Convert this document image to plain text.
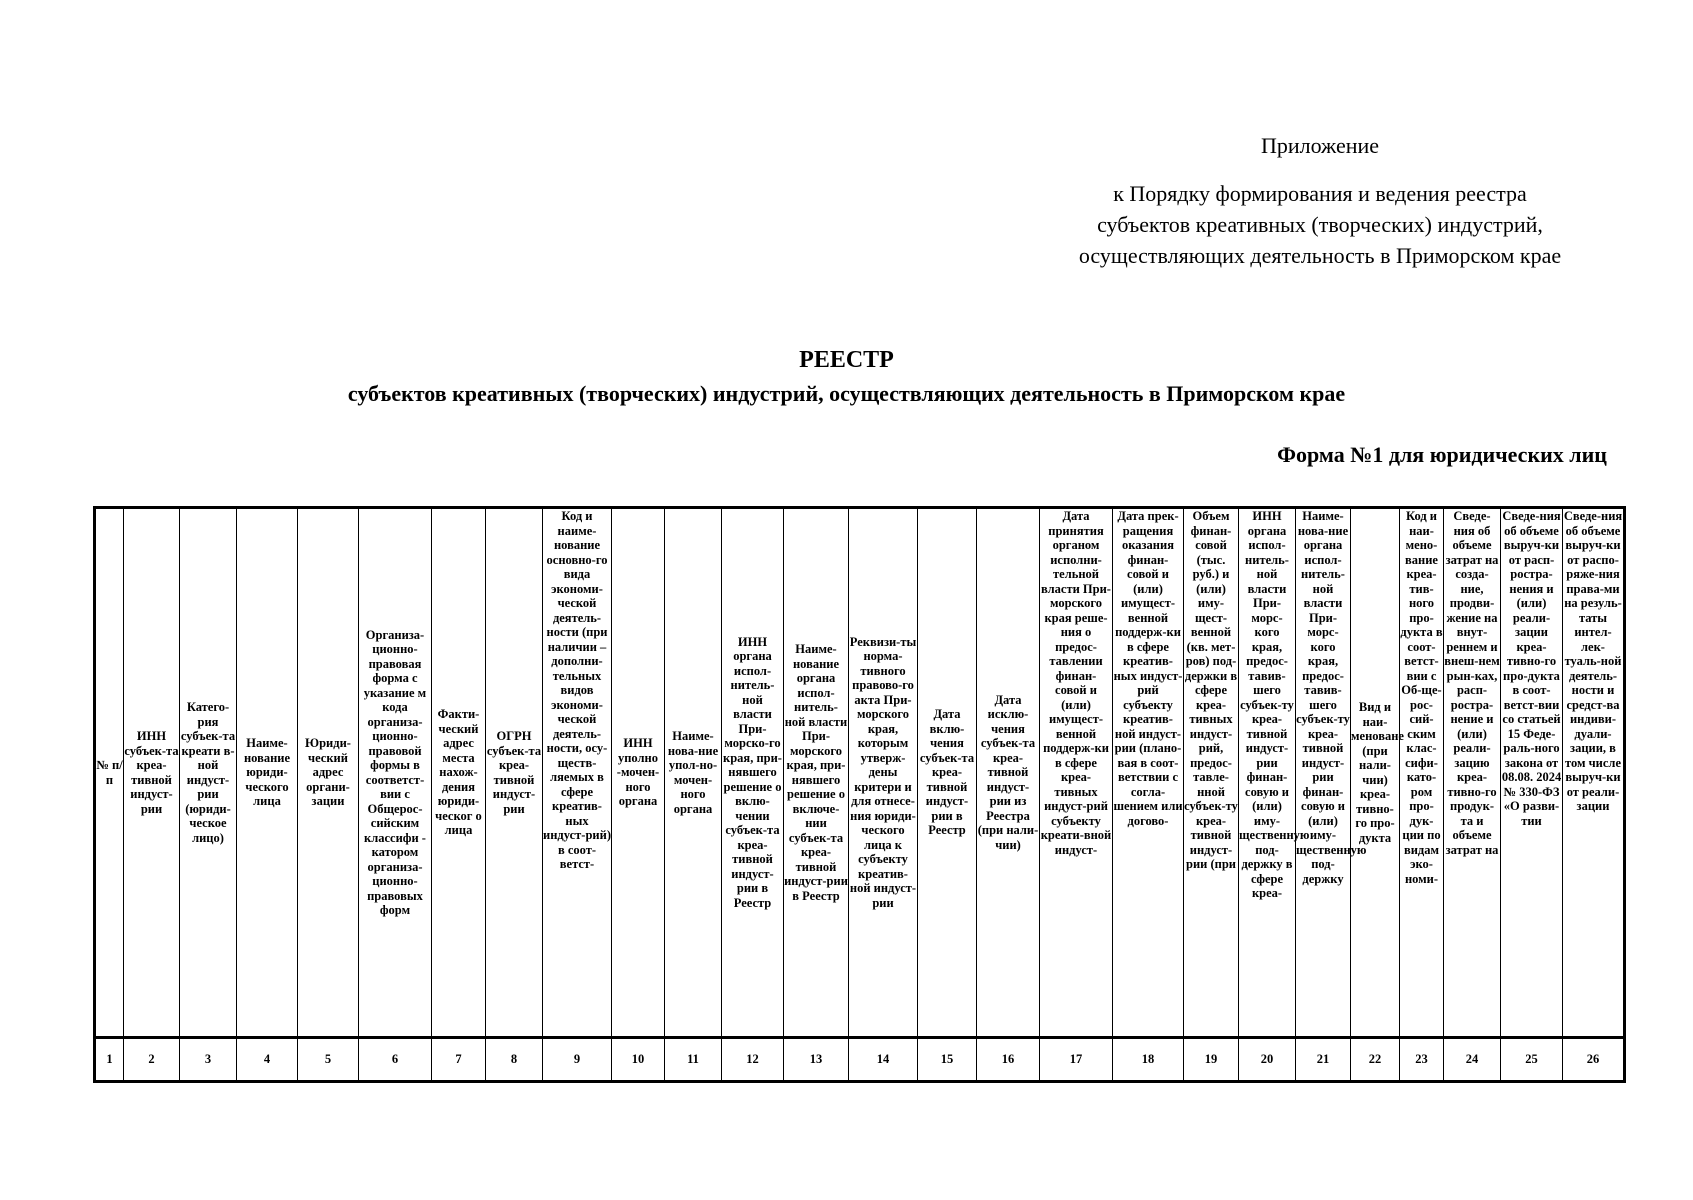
Приложение
к Порядку формирования и ведения реестра
субъектов креативных (творческих) индустрий,
осуществляющих деятельность в Приморском крае
РЕЕСТР
субъектов креативных (творческих) индустрий, осуществляющих деятельность в Приморском крае
Форма №1 для юридических лиц
№ п/п	ИНН субъек-та креа-тивной индуст-рии	Катего-рия субъек-та креати в-ной индуст-рии (юриди-ческое лицо)	Наиме-нование юриди-ческого лица	Юриди-ческий адрес органи-зации	Организа-ционно-правовая форма с указание м кода организа-ционно-правовой формы в соответст-вии с Общерос-сийским классифи - катором организа-ционно-правовых форм	Факти-ческий адрес места нахож-дения юриди-ческог о лица	ОГРН субъек-та креа-тивной индуст-рии	Код и наиме-нование основно-го вида экономи-ческой деятель-ности (при наличии – дополни-тельных видов экономи-ческой деятель-ности, осу-ществ-ляемых в сфере креатив-ных индуст-рий) в соот-ветст-	ИНН уполно -мочен-ного органа	Наиме-нова-ние упол-но-мочен-ного органа	ИНН органа испол-нитель-ной власти При-морско-го края, при-нявшего решение о вклю-чении субъек-та креа-тивной индуст-рии в Реестр	Наиме-нование органа испол-нитель-ной власти При-морского края, при-нявшего решение о включе-нии субъек-та креа-тивной индуст-рии в Реестр	Реквизи-ты норма-тивного правово-го акта При-морского края, которым утверж-дены критери и для отнесе-ния юриди-ческого лица к субъекту креатив-ной индуст-рии	Дата вклю-чения субъек-та креа-тивной индуст-рии в Реестр	Дата исклю-чения субъек-та креа-тивной индуст-рии из Реестра (при нали-чии)	Дата принятия органом исполни-тельной власти При-морского края реше-ния о предос-тавлении финан-совой и (или) имущест-венной поддерж-ки в сфере креа-тивных индуст-рий субъекту креати-вной индуст-	Дата прек-ращения оказания финан-совой и (или) имущест-венной поддерж-ки в сфере креатив-ных индуст-рий субъекту креатив-ной индуст-рии (плано-вая в соот-ветствии с согла-шением или догово-	Объем финан-совой (тыс. руб.) и (или) иму-щест-венной (кв. мет-ров) под-держки в сфере креа-тивных индуст-рий, предос-тавле-нной субъек-ту креа-тивной индуст-рии (при	ИНН органа испол-нитель-ной власти При-морс-кого края, предос-тавив-шего субъек-ту креа-тивной индуст-рии финан-совую и (или) иму-щественную под-держку в сфере креа-	Наиме-нова-ние органа испол-нитель-ной власти При-морс-кого края, предос-тавив-шего субъек-ту креа-тивной индуст-рии финан-совую и (или) иму-щественную под-держку	Вид и наи-меноване (при нали-чии) креа-тивно-го про-дукта	Код и наи-мено-вание креа-тив-ного про-дукта в соот-ветст-вии с Об-ще-рос-сий-ским клас-сифи-като-ром про-дук-ции по видам эко-номи-	Сведе-ния об объеме затрат на созда-ние, продви-жение на внут-реннем и внеш-нем рын-ках, расп-ростра-нение и (или) реали-зацию креа-тивно-го продук-та и объеме затрат на	Сведе-ния об объеме выруч-ки от расп-ростра-нения и (или) реали-зации креа-тивно-го про-дукта в соот-ветст-вии со статьей 15 Феде-раль-ного закона от 08.08. 2024 № 330-ФЗ «О разви-тии	Сведе-ния об объеме выруч-ки от распо-ряже-ния права-ми на резуль-таты интел-лек-туаль-ной деятель-ности и средст-ва индиви-дуали-зации, в том числе выруч-ки от реали-зации
1	2	3	4	5	6	7	8	9	10	11	12	13	14	15	16	17	18	19	20	21	22	23	24	25	26
